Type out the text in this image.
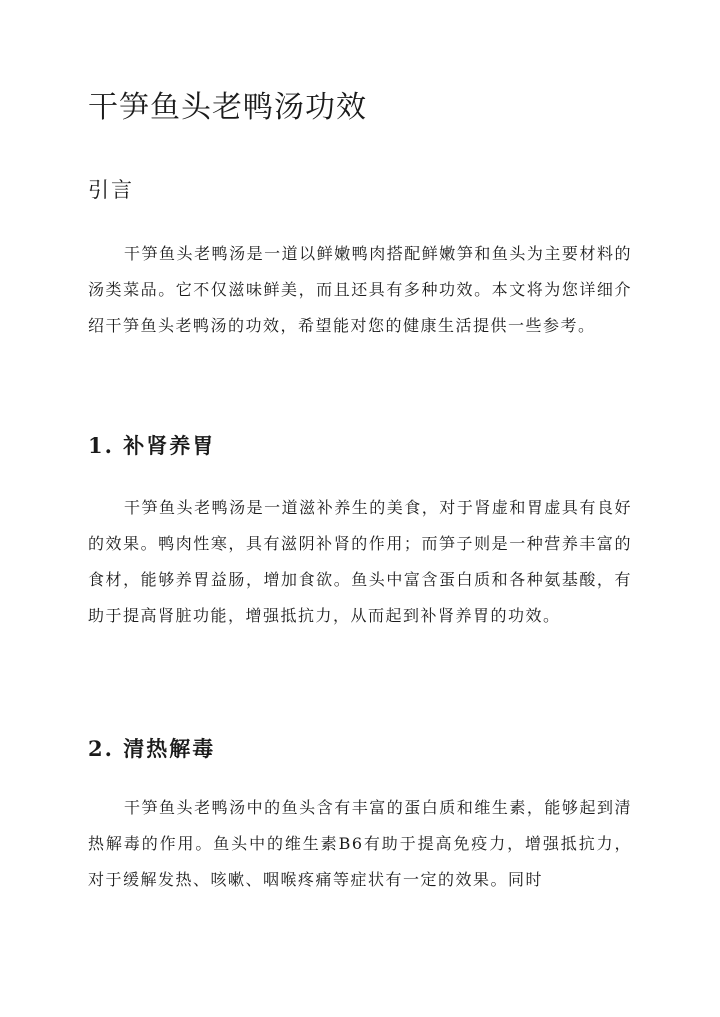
干笋鱼头老鸭汤功效
引言

干笋鱼头老鸭汤是一道以鲜嫩鸭肉搭配鲜嫩笋和鱼头为主要材料的汤类菜品。它不仅滋味鲜美，而且还具有多种功效。本文将为您详细介绍干笋鱼头老鸭汤的功效，希望能对您的健康生活提供一些参考。

1. 补肾养胃

干笋鱼头老鸭汤是一道滋补养生的美食，对于肾虚和胃虚具有良好的效果。鸭肉性寒，具有滋阴补肾的作用；而笋子则是一种营养丰富的食材，能够养胃益肠，增加食欲。鱼头中富含蛋白质和各种氨基酸，有助于提高肾脏功能，增强抵抗力，从而起到补肾养胃的功效。

2. 清热解毒

干笋鱼头老鸭汤中的鱼头含有丰富的蛋白质和维生素，能够起到清热解毒的作用。鱼头中的维生素B6有助于提高免疫力，增强抵抗力，对于缓解发热、咳嗽、咽喉疼痛等症状有一定的效果。同时
